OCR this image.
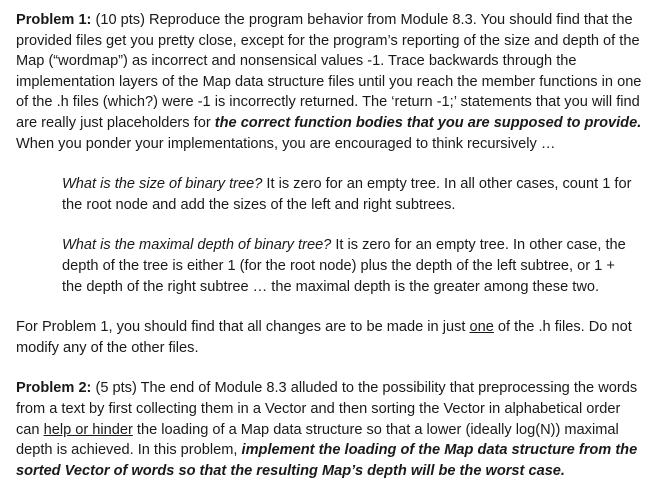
Problem 1: (10 pts) Reproduce the program behavior from Module 8.3. You should find that the provided files get you pretty close, except for the program’s reporting of the size and depth of the Map (“wordmap”) as incorrect and nonsensical values -1. Trace backwards through the implementation layers of the Map data structure files until you reach the member functions in one of the .h files (which?) were -1 is incorrectly returned. The ‘return -1;’ statements that you will find are really just placeholders for the correct function bodies that you are supposed to provide. When you ponder your implementations, you are encouraged to think recursively …

What is the size of binary tree? It is zero for an empty tree. In all other cases, count 1 for the root node and add the sizes of the left and right subtrees.

What is the maximal depth of binary tree? It is zero for an empty tree. In other case, the depth of the tree is either 1 (for the root node) plus the depth of the left subtree, or 1 + the depth of the right subtree … the maximal depth is the greater among these two.

For Problem 1, you should find that all changes are to be made in just one of the .h files. Do not modify any of the other files.

Problem 2: (5 pts) The end of Module 8.3 alluded to the possibility that preprocessing the words from a text by first collecting them in a Vector and then sorting the Vector in alphabetical order can help or hinder the loading of a Map data structure so that a lower (ideally log(N)) maximal depth is achieved. In this problem, implement the loading of the Map data structure from the sorted Vector of words so that the resulting Map’s depth will be the worst case.
